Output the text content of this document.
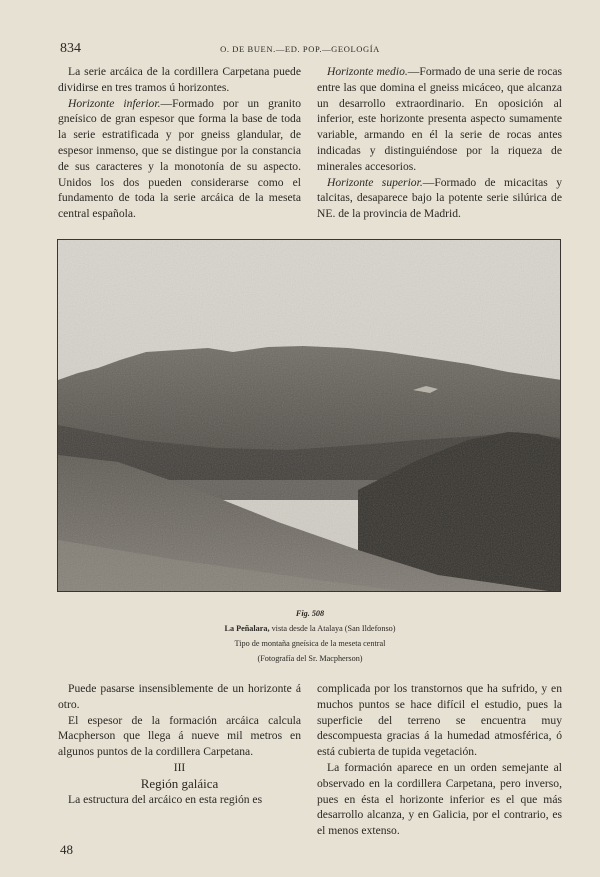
834	O. DE BUEN.—ED. POP.—GEOLOGÍA

La serie arcáica de la cordillera Carpetana puede dividirse en tres tramos ú horizontes.

Horizonte inferior.—Formado por un granito gneísico de gran espesor que forma la base de toda la serie estratificada y por gneiss glandular, de espesor inmenso, que se distingue por la constancia de sus caracteres y la monotonía de su aspecto. Unidos los dos pueden considerarse como el fundamento de toda la serie arcáica de la meseta central española.

Horizonte medio.—Formado de una serie de rocas entre las que domina el gneiss micáceo, que alcanza un desarrollo extraordinario. En oposición al inferior, este horizonte presenta aspecto sumamente variable, armando en él la serie de rocas antes indicadas y distinguiéndose por la riqueza de minerales accesorios.

Horizonte superior.—Formado de micacitas y talcitas, desaparece bajo la potente serie silúrica de NE. de la provincia de Madrid.

Fig. 508
La Peñalara, vista desde la Atalaya (San Ildefonso)
Tipo de montaña gneísica de la meseta central
(Fotografía del Sr. Macpherson)

Puede pasarse insensiblemente de un horizonte á otro.

El espesor de la formación arcáica calcula Macpherson que llega á nueve mil metros en algunos puntos de la cordillera Carpetana.

III

Región galáica

La estructura del arcáico en esta región es

complicada por los transtornos que ha sufrido, y en muchos puntos se hace difícil el estudio, pues la superficie del terreno se encuentra muy descompuesta gracias á la humedad atmosférica, ó está cubierta de tupida vegetación.

La formación aparece en un orden semejante al observado en la cordillera Carpetana, pero inverso, pues en ésta el horizonte inferior es el que más desarrollo alcanza, y en Galicia, por el contrario, es el menos extenso.

48
